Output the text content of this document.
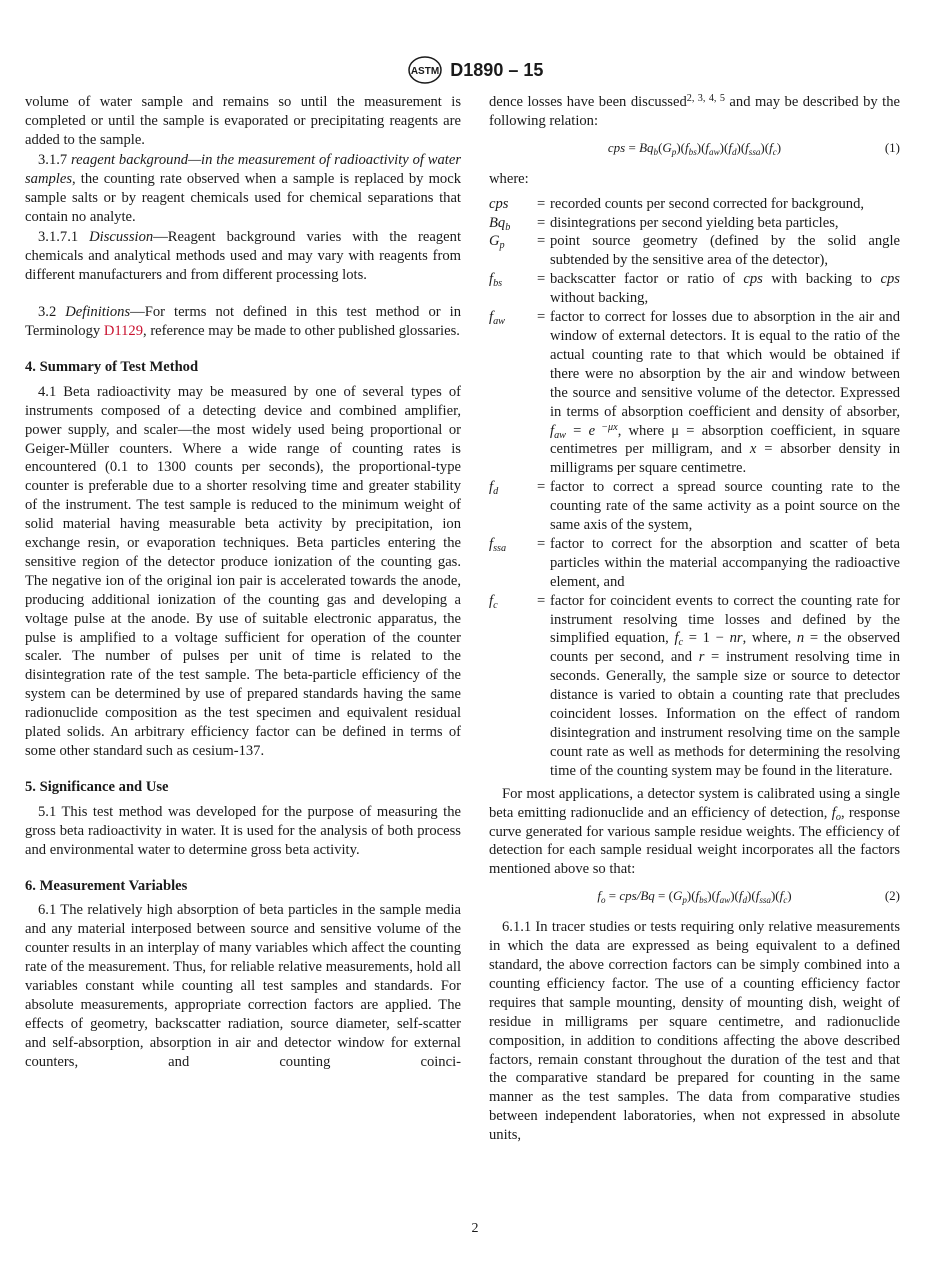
ASTM D1890 – 15

volume of water sample and remains so until the measurement is completed or until the sample is evaporated or precipitating reagents are added to the sample.

3.1.7 reagent background—in the measurement of radioactivity of water samples, the counting rate observed when a sample is replaced by mock sample salts or by reagent chemicals used for chemical separations that contain no analyte.

3.1.7.1 Discussion—Reagent background varies with the reagent chemicals and analytical methods used and may vary with reagents from different manufacturers and from different processing lots.

3.2 Definitions—For terms not defined in this test method or in Terminology D1129, reference may be made to other published glossaries.

4. Summary of Test Method

4.1 Beta radioactivity may be measured by one of several types of instruments composed of a detecting device and combined amplifier, power supply, and scaler—the most widely used being proportional or Geiger-Müller counters. Where a wide range of counting rates is encountered (0.1 to 1300 counts per seconds), the proportional-type counter is preferable due to a shorter resolving time and greater stability of the instrument. The test sample is reduced to the minimum weight of solid material having measurable beta activity by precipitation, ion exchange resin, or evaporation techniques. Beta particles entering the sensitive region of the detector produce ionization of the counting gas. The negative ion of the original ion pair is accelerated towards the anode, producing additional ionization of the counting gas and developing a voltage pulse at the anode. By use of suitable electronic apparatus, the pulse is amplified to a voltage sufficient for operation of the counter scaler. The number of pulses per unit of time is related to the disintegration rate of the test sample. The beta-particle efficiency of the system can be determined by use of prepared standards having the same radionuclide composition as the test specimen and equivalent residual plated solids. An arbitrary efficiency factor can be defined in terms of some other standard such as cesium-137.

5. Significance and Use

5.1 This test method was developed for the purpose of measuring the gross beta radioactivity in water. It is used for the analysis of both process and environmental water to determine gross beta activity.

6. Measurement Variables

6.1 The relatively high absorption of beta particles in the sample media and any material interposed between source and sensitive volume of the counter results in an interplay of many variables which affect the counting rate of the measurement. Thus, for reliable relative measurements, hold all variables constant while counting all test samples and standards. For absolute measurements, appropriate correction factors are applied. The effects of geometry, backscatter radiation, source diameter, self-scatter and self-absorption, absorption in air and detector window for external counters, and counting coinci-

dence losses have been discussed$^{2, 3, 4, 5}$ and may be described by the following relation:

cps = $Bq_b(G_p)(f_{bs})(f_{aw})(f_d)(f_{ssa})(f_c)$	(1)
where:
cps	= recorded counts per second corrected for background,
$Bq_b$	= disintegrations per second yielding beta particles,
$G_p$	= point source geometry (defined by the solid angle subtended by the sensitive area of the detector),
$f_{bs}$	= backscatter factor or ratio of cps with backing to cps without backing,
$f_{aw}$	= factor to correct for losses due to absorption in the air and window of external detectors. It is equal to the ratio of the actual counting rate to that which would be obtained if there were no absorption by the air and window between the source and sensitive volume of the detector. Expressed in terms of absorption coefficient and density of absorber, $f_{aw} = e$ $^{-\mu x}$, where μ = absorption coefficient, in square centimetres per milligram, and x = absorber density in milligrams per square centimetre.
$f_d$	= factor to correct a spread source counting rate to the counting rate of the same activity as a point source on the same axis of the system,
$f_{ssa}$	= factor to correct for the absorption and scatter of beta particles within the material accompanying the radioactive element, and
$f_c$	= factor for coincident events to correct the counting rate for instrument resolving time losses and defined by the simplified equation, $f_c = 1$ − nr, where, n = the observed counts per second, and r = instrument resolving time in seconds. Generally, the sample size or source to detector distance is varied to obtain a counting rate that precludes coincident losses. Information on the effect of random disintegration and instrument resolving time on the sample count rate as well as methods for determining the resolving time of the counting system may be found in the literature.

For most applications, a detector system is calibrated using a single beta emitting radionuclide and an efficiency of detection, $f_o$, response curve generated for various sample residue weights. The efficiency of detection for each sample residual weight incorporates all the factors mentioned above so that:

$f_o = cps/Bq = (G_p)(f_{bs})(f_{aw})(f_d)(f_{ssa})(f_c)$	(2)

6.1.1 In tracer studies or tests requiring only relative measurements in which the data are expressed as being equivalent to a defined standard, the above correction factors can be simply combined into a counting efficiency factor. The use of a counting efficiency factor requires that sample mounting, density of mounting dish, weight of residue in milligrams per square centimetre, and radionuclide composition, in addition to conditions affecting the above described factors, remain constant throughout the duration of the test and that the comparative standard be prepared for counting in the same manner as the test samples. The data from comparative studies between independent laboratories, when not expressed in absolute units,

2
